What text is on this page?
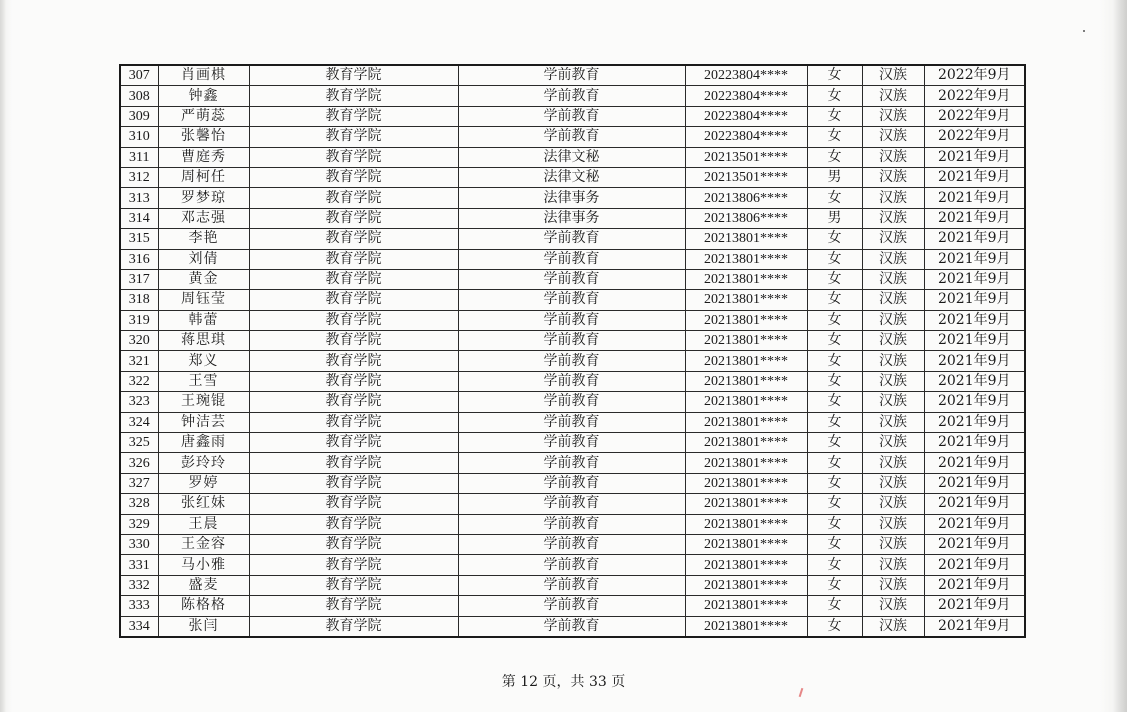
307	肖画棋	教育学院	学前教育	20223804****	女	汉族	2022年9月
308	钟鑫	教育学院	学前教育	20223804****	女	汉族	2022年9月
309	严萌蕊	教育学院	学前教育	20223804****	女	汉族	2022年9月
310	张馨怡	教育学院	学前教育	20223804****	女	汉族	2022年9月
311	曹庭秀	教育学院	法律文秘	20213501****	女	汉族	2021年9月
312	周柯任	教育学院	法律文秘	20213501****	男	汉族	2021年9月
313	罗梦琼	教育学院	法律事务	20213806****	女	汉族	2021年9月
314	邓志强	教育学院	法律事务	20213806****	男	汉族	2021年9月
315	李艳	教育学院	学前教育	20213801****	女	汉族	2021年9月
316	刘倩	教育学院	学前教育	20213801****	女	汉族	2021年9月
317	黄金	教育学院	学前教育	20213801****	女	汉族	2021年9月
318	周钰莹	教育学院	学前教育	20213801****	女	汉族	2021年9月
319	韩蕾	教育学院	学前教育	20213801****	女	汉族	2021年9月
320	蒋思琪	教育学院	学前教育	20213801****	女	汉族	2021年9月
321	郑义	教育学院	学前教育	20213801****	女	汉族	2021年9月
322	王雪	教育学院	学前教育	20213801****	女	汉族	2021年9月
323	王琬锟	教育学院	学前教育	20213801****	女	汉族	2021年9月
324	钟洁芸	教育学院	学前教育	20213801****	女	汉族	2021年9月
325	唐鑫雨	教育学院	学前教育	20213801****	女	汉族	2021年9月
326	彭玲玲	教育学院	学前教育	20213801****	女	汉族	2021年9月
327	罗婷	教育学院	学前教育	20213801****	女	汉族	2021年9月
328	张红妹	教育学院	学前教育	20213801****	女	汉族	2021年9月
329	王晨	教育学院	学前教育	20213801****	女	汉族	2021年9月
330	王金容	教育学院	学前教育	20213801****	女	汉族	2021年9月
331	马小雅	教育学院	学前教育	20213801****	女	汉族	2021年9月
332	盛麦	教育学院	学前教育	20213801****	女	汉族	2021年9月
333	陈格格	教育学院	学前教育	20213801****	女	汉族	2021年9月
334	张闫	教育学院	学前教育	20213801****	女	汉族	2021年9月
第 12 页，共 33 页
